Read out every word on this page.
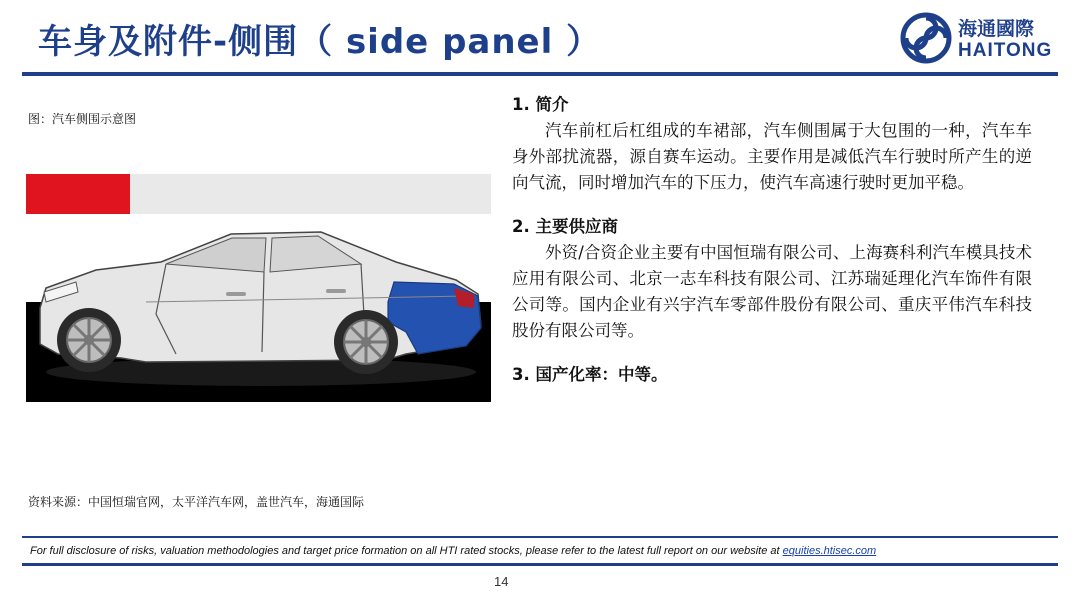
车身及附件-侧围（ side panel ）	海通國際
HAITONG
图：汽车侧围示意图
1. 简介
汽车前杠后杠组成的车裙部，汽车侧围属于大包围的一种，汽车车身外部扰流器，源自赛车运动。主要作用是减低汽车行驶时所产生的逆向气流，同时增加汽车的下压力，使汽车高速行驶时更加平稳。
2. 主要供应商
外资/合资企业主要有中国恒瑞有限公司、上海赛科利汽车模具技术应用有限公司、北京一志车科技有限公司、江苏瑞延理化汽车饰件有限公司等。国内企业有兴宇汽车零部件股份有限公司、重庆平伟汽车科技股份有限公司等。
3. 国产化率：中等。
资料来源：中国恒瑞官网，太平洋汽车网，盖世汽车，海通国际
For full disclosure of risks, valuation methodologies and target price formation on all HTI rated stocks, please refer to the latest full report on our website at equities.htisec.com
14
